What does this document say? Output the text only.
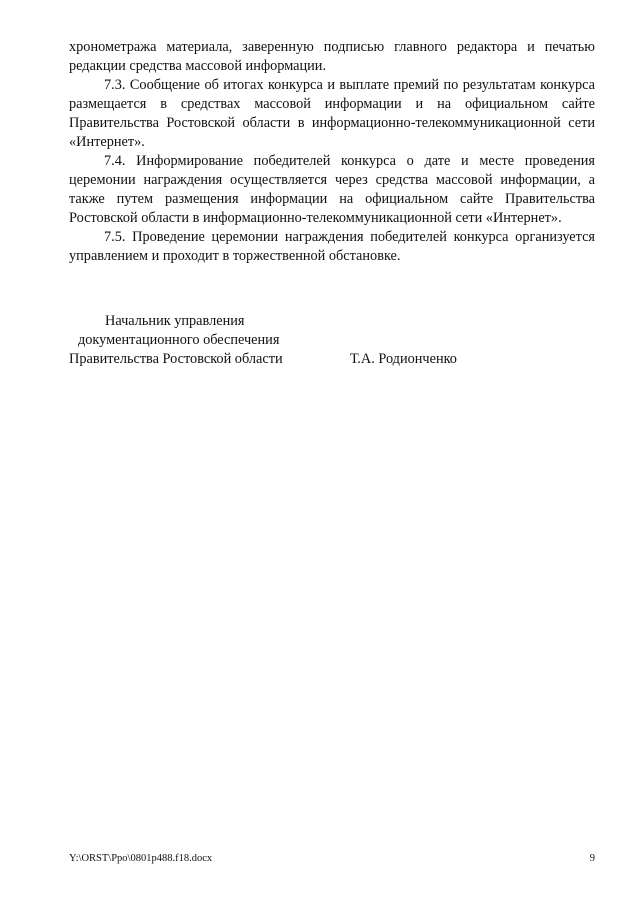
хронометража материала, заверенную подписью главного редактора и печатью редакции средства массовой информации.

7.3. Сообщение об итогах конкурса и выплате премий по результатам конкурса размещается в средствах массовой информации и на официальном сайте Правительства Ростовской области в информационно-телекоммуникационной сети «Интернет».

7.4. Информирование победителей конкурса о дате и месте проведения церемонии награждения осуществляется через средства массовой информации, а также путем размещения информации на официальном сайте Правительства Ростовской области в информационно-телекоммуникационной сети «Интернет».

7.5. Проведение церемонии награждения победителей конкурса организуется управлением и проходит в торжественной обстановке.

Начальник управления
документационного обеспечения
Правительства Ростовской области	Т.А. Родионченко
Y:\ORST\Ppo\0801p488.f18.docx	9
